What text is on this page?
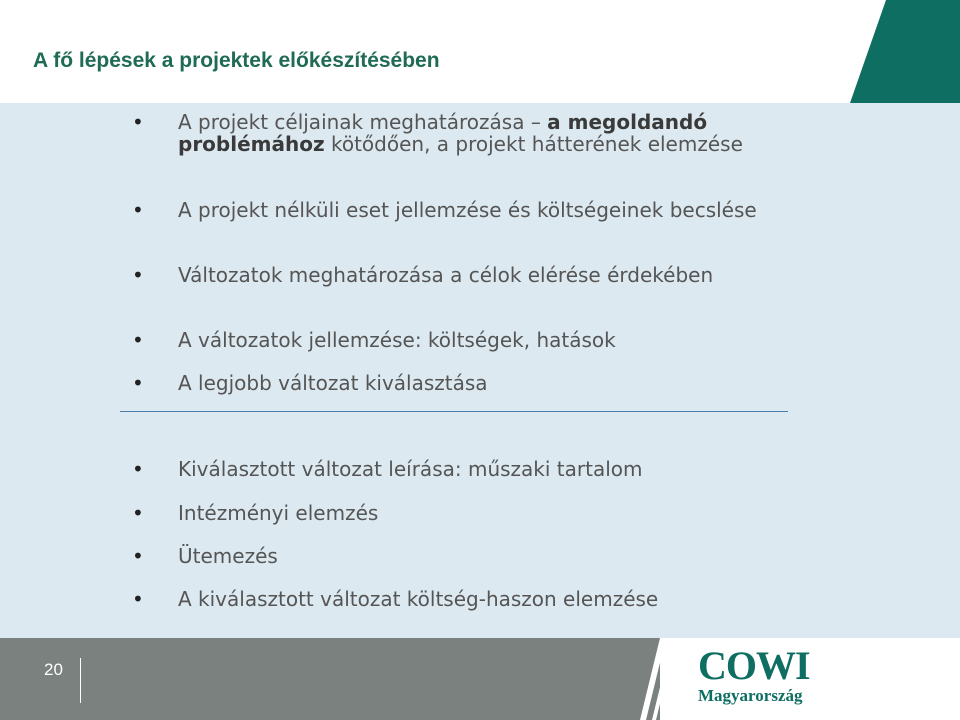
A fő lépések a projektek előkészítésében
• A projekt céljainak meghatározása – a megoldandó problémához kötődően, a projekt hátterének elemzése
• A projekt nélküli eset jellemzése és költségeinek becslése
• Változatok meghatározása a célok elérése érdekében
• A változatok jellemzése: költségek, hatások
• A legjobb változat kiválasztása
• Kiválasztott változat leírása: műszaki tartalom
• Intézményi elemzés
• Ütemezés
• A kiválasztott változat költség-haszon elemzése
20	COWI
Magyarország
